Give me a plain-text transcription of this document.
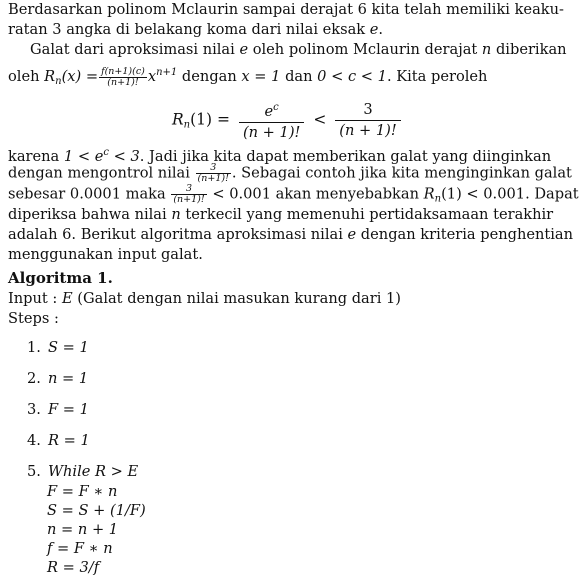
Berdasarkan polinom Mclaurin sampai derajat 6 kita telah memiliki keaku-
ratan 3 angka di belakang koma dari nilai eksak e.
Galat dari aproksimasi nilai e oleh polinom Mclaurin derajat n diberikan
oleh $R_n(x) = \frac{f(n+1)(c)}{(n+1)!} x^{n+1}$ dengan x = 1 dan 0 < c < 1. Kita peroleh
$R_n(1) = \frac{e^c}{(n + 1)!} < \frac{3}{(n + 1)!}$
karena $1 < e^c < 3$. Jadi jika kita dapat memberikan galat yang diinginkan
dengan mengontrol nilai $\frac{3}{(n+1)!}$ . Sebagai contoh jika kita menginginkan galat
sebesar 0.0001 maka $\frac{3}{(n+1)!} < 0.001$ akan menyebabkan $R_n(1) < 0.001$. Dapat
diperiksa bahwa nilai n terkecil yang memenuhi pertidaksamaan terakhir
adalah 6. Berikut algoritma aproksimasi nilai e dengan kriteria penghentian
menggunakan input galat.
Algoritma 1.
Input : E (Galat dengan nilai masukan kurang dari 1)
Steps :
1. S = 1
2. n = 1
3. F = 1
4. R = 1
5. While R > E
F = F ∗ n
S = S + (1/F)
n = n + 1
f = F ∗ n
R = 3/f
